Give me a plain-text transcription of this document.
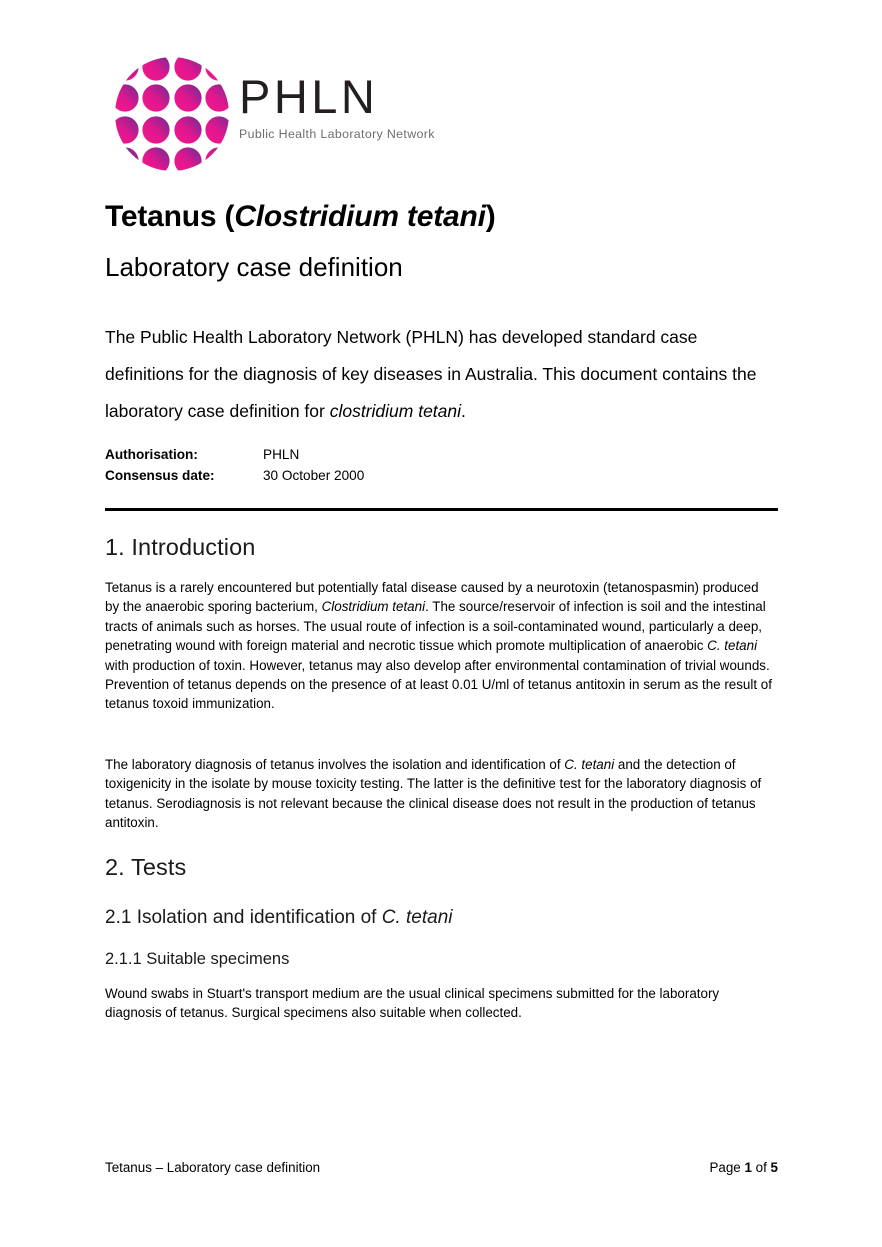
PHLN
Public Health Laboratory Network
Tetanus (Clostridium tetani)
Laboratory case definition
The Public Health Laboratory Network (PHLN) has developed standard case definitions for the diagnosis of key diseases in Australia. This document contains the laboratory case definition for clostridium tetani.
Authorisation:	PHLN
Consensus date:	30 October 2000
1. Introduction
Tetanus is a rarely encountered but potentially fatal disease caused by a neurotoxin (tetanospasmin) produced by the anaerobic sporing bacterium, Clostridium tetani. The source/reservoir of infection is soil and the intestinal tracts of animals such as horses. The usual route of infection is a soil-contaminated wound, particularly a deep, penetrating wound with foreign material and necrotic tissue which promote multiplication of anaerobic C. tetani with production of toxin. However, tetanus may also develop after environmental contamination of trivial wounds. Prevention of tetanus depends on the presence of at least 0.01 U/ml of tetanus antitoxin in serum as the result of tetanus toxoid immunization.
The laboratory diagnosis of tetanus involves the isolation and identification of C. tetani and the detection of toxigenicity in the isolate by mouse toxicity testing. The latter is the definitive test for the laboratory diagnosis of tetanus. Serodiagnosis is not relevant because the clinical disease does not result in the production of tetanus antitoxin.
2. Tests
2.1 Isolation and identification of C. tetani
2.1.1 Suitable specimens
Wound swabs in Stuart's transport medium are the usual clinical specimens submitted for the laboratory diagnosis of tetanus. Surgical specimens also suitable when collected.
Tetanus – Laboratory case definition	Page 1 of 5
